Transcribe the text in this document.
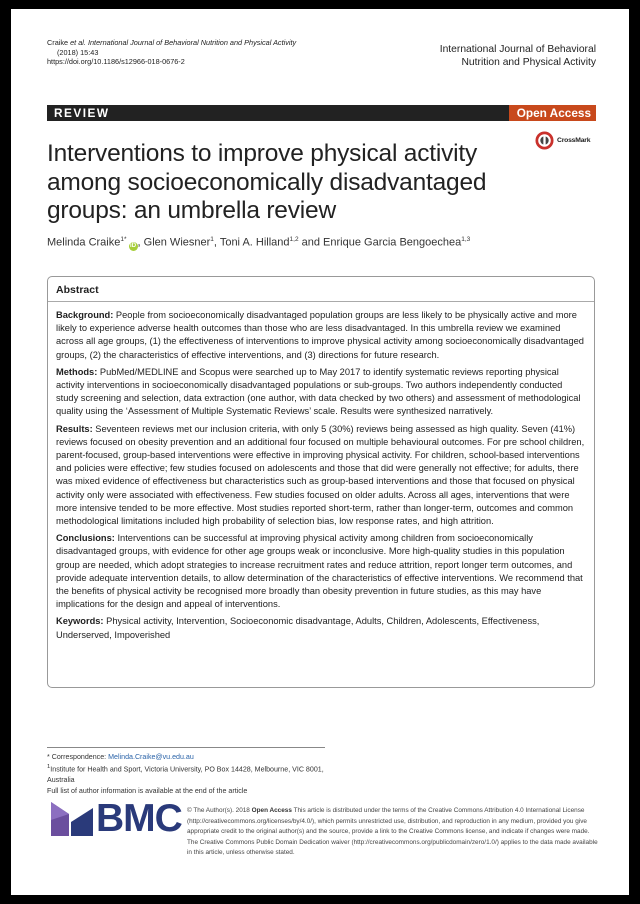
Craike et al. International Journal of Behavioral Nutrition and Physical Activity
(2018) 15:43
https://doi.org/10.1186/s12966-018-0676-2
International Journal of Behavioral
Nutrition and Physical Activity
REVIEW	Open Access
CrossMark
Interventions to improve physical activity among socioeconomically disadvantaged groups: an umbrella review
Melinda Craike$^{1*}$iD , Glen Wiesner$^1$, Toni A. Hilland$^{1,2}$ and Enrique Garcia Bengoechea$^{1,3}$
Abstract

Background: People from socioeconomically disadvantaged population groups are less likely to be physically active and more likely to experience adverse health outcomes than those who are less disadvantaged. In this umbrella review we examined across all age groups, (1) the effectiveness of interventions to improve physical activity among socioeconomically disadvantaged groups, (2) the characteristics of effective interventions, and (3) directions for future research.

Methods: PubMed/MEDLINE and Scopus were searched up to May 2017 to identify systematic reviews reporting physical activity interventions in socioeconomically disadvantaged populations or sub-groups. Two authors independently conducted study screening and selection, data extraction (one author, with data checked by two others) and assessment of methodological quality using the ‘Assessment of Multiple Systematic Reviews’ scale. Results were synthesized narratively.

Results: Seventeen reviews met our inclusion criteria, with only 5 (30%) reviews being assessed as high quality. Seven (41%) reviews focused on obesity prevention and an additional four focused on multiple behavioural outcomes. For pre school children, parent-focused, group-based interventions were effective in improving physical activity. For children, school-based interventions and policies were effective; few studies focused on adolescents and those that did were generally not effective; for adults, there was mixed evidence of effectiveness but characteristics such as group-based interventions and those that focused on physical activity only were associated with effectiveness. Few studies focused on older adults. Across all ages, interventions that were more intensive tended to be more effective. Most studies reported short-term, rather than longer-term, outcomes and common methodological limitations included high probability of selection bias, low response rates, and high attrition.

Conclusions: Interventions can be successful at improving physical activity among children from socioeconomically disadvantaged groups, with evidence for other age groups weak or inconclusive. More high-quality studies in this population group are needed, which adopt strategies to increase recruitment rates and reduce attrition, report longer term outcomes, and provide adequate intervention details, to allow determination of the characteristics of effective interventions. We recommend that the benefits of physical activity be recognised more broadly than obesity prevention in future studies, as this may have implications for the design and appeal of interventions.

Keywords: Physical activity, Intervention, Socioeconomic disadvantage, Adults, Children, Adolescents, Effectiveness, Underserved, Impoverished

* Correspondence: Melinda.Craike@vu.edu.au
$^1$Institute for Health and Sport, Victoria University, PO Box 14428, Melbourne, VIC 8001, Australia
Full list of author information is available at the end of the article
BMC © The Author(s). 2018 Open Access This article is distributed under the terms of the Creative Commons Attribution 4.0 International License (http://creativecommons.org/licenses/by/4.0/), which permits unrestricted use, distribution, and reproduction in any medium, provided you give appropriate credit to the original author(s) and the source, provide a link to the Creative Commons license, and indicate if changes were made. The Creative Commons Public Domain Dedication waiver (http://creativecommons.org/publicdomain/zero/1.0/) applies to the data made available in this article, unless otherwise stated.
